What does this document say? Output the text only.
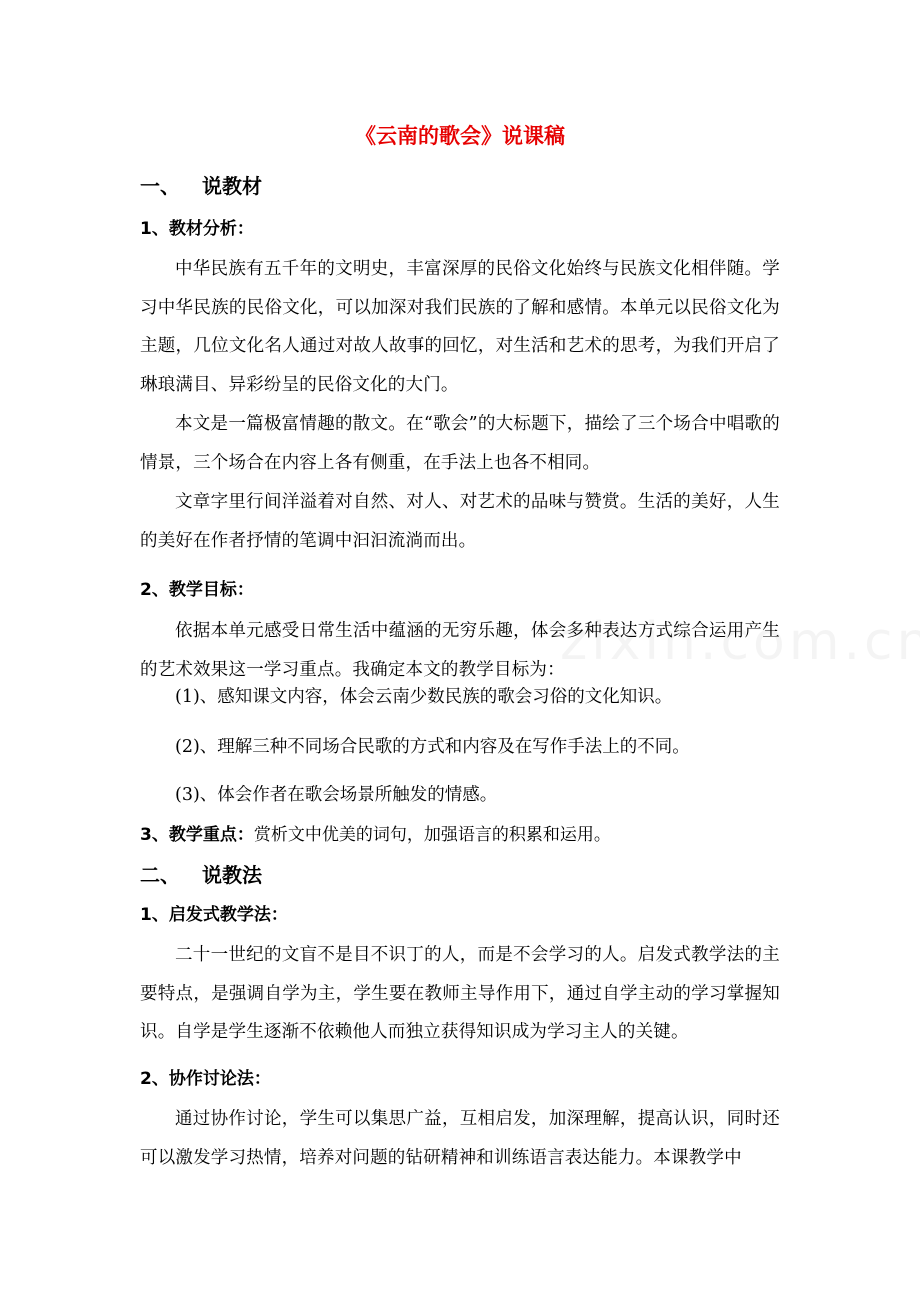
《云南的歌会》说课稿
一、 说教材
1、教材分析：
中华民族有五千年的文明史，丰富深厚的民俗文化始终与民族文化相伴随。学习中华民族的民俗文化，可以加深对我们民族的了解和感情。本单元以民俗文化为主题，几位文化名人通过对故人故事的回忆，对生活和艺术的思考，为我们开启了琳琅满目、异彩纷呈的民俗文化的大门。
本文是一篇极富情趣的散文。在“歌会”的大标题下，描绘了三个场合中唱歌的情景，三个场合在内容上各有侧重，在手法上也各不相同。
文章字里行间洋溢着对自然、对人、对艺术的品味与赞赏。生活的美好，人生的美好在作者抒情的笔调中汩汩流淌而出。
2、教学目标：
依据本单元感受日常生活中蕴涵的无穷乐趣，体会多种表达方式综合运用产生的艺术效果这一学习重点。我确定本文的教学目标为：
(1)、感知课文内容，体会云南少数民族的歌会习俗的文化知识。
(2)、理解三种不同场合民歌的方式和内容及在写作手法上的不同。
(3)、体会作者在歌会场景所触发的情感。
3、教学重点：赏析文中优美的词句，加强语言的积累和运用。
二、 说教法
1、启发式教学法：
二十一世纪的文盲不是目不识丁的人，而是不会学习的人。启发式教学法的主要特点，是强调自学为主，学生要在教师主导作用下，通过自学主动的学习掌握知识。自学是学生逐渐不依赖他人而独立获得知识成为学习主人的关键。
2、协作讨论法：
通过协作讨论，学生可以集思广益，互相启发，加深理解，提高认识，同时还可以激发学习热情，培养对问题的钻研精神和训练语言表达能力。本课教学中
